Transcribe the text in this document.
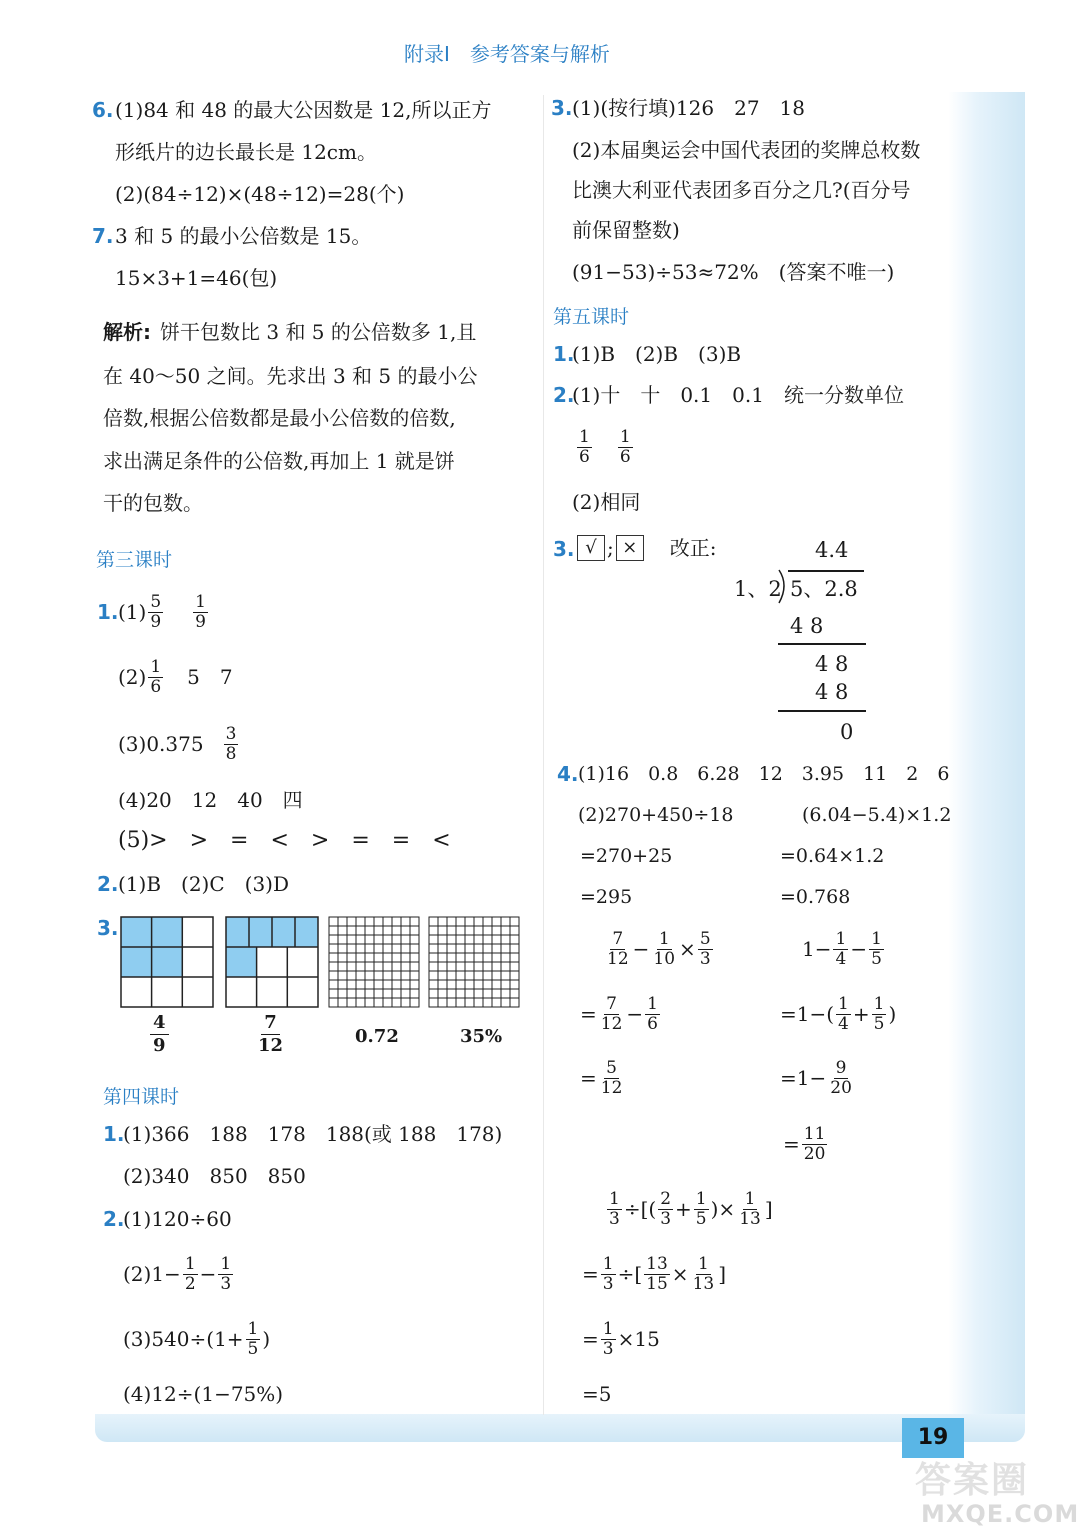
19
附录Ⅰ　参考答案与解析
6. (1)84 和 48 的最大公因数是 12,所以正方
形纸片的边长最长是 12cm。
(2)(84÷12)×(48÷12)=28(个)
7. 3 和 5 的最小公倍数是 15。
15×3+1=46(包)
解析: 饼干包数比 3 和 5 的公倍数多 1,且
在 40～50 之间。先求出 3 和 5 的最小公
倍数,根据公倍数都是最小公倍数的倍数,
求出满足条件的公倍数,再加上 1 就是饼
干的包数。
第三课时
1. $(1) \frac{5}{9} \frac{1}{9}$
$(2) \frac{1}{6} 5$　7
$(3)0.375 \frac{3}{8}$
(4)20　12　40　四
(5)>　>　=　<　>　=　=　<
2. (1)B　(2)C　(3)D
3.
$\frac{4}{9}$	$\frac{7}{12}$	0.72	35%
第四课时
1.
(1)366　188　178　188(或 188　178)
(2)340　850　850
2.
(1)120÷60
$(2)1- \frac{1}{2} - \frac{1}{3}$
$(3)540\div(1+ \frac{1}{5}$ )
(4)12÷(1−75%)
3. (1)(按行填)126　27　18
(2)本届奥运会中国代表团的奖牌总枚数
比澳大利亚代表团多百分之几?(百分号
前保留整数)
(91−53)÷53≈72%　(答案不唯一)
第五课时
1.
(1)B　(2)B　(3)B
2.
(1)十　十　0.1　0.1　统一分数单位
$\frac{1}{6} \frac{1}{6}$
(2)相同
3. √ ; ×	改正:	4.4
1、2 5、2.8
4 8
4 8
4 8
0
4. (1)16　0.8　6.28　12　3.95　11　2　6
(2)270+450÷18
=270+25
=295
(6.04−5.4)×1.2
=0.64×1.2
=0.768
$\frac{7}{12} - \frac{1}{10} \times \frac{5}{3}$
= $\frac{7}{12} - \frac{1}{6}$
= $\frac{5}{12}$
$1- \frac{1}{4} - \frac{1}{5}$
$=1-( \frac{1}{4} + \frac{1}{5}$ )
$=1- \frac{9}{20}$
= $\frac{11}{20}$
$\frac{1}{3}$ ÷[( $\frac{2}{3} + \frac{1}{5}$ )× $\frac{1}{13}$ ]
= $\frac{1}{3}$ ÷[ $\frac{13}{15} \times \frac{1}{13}$ ]
= $\frac{1}{3} \times 15$
=5
答案圈
MXQE.COM
